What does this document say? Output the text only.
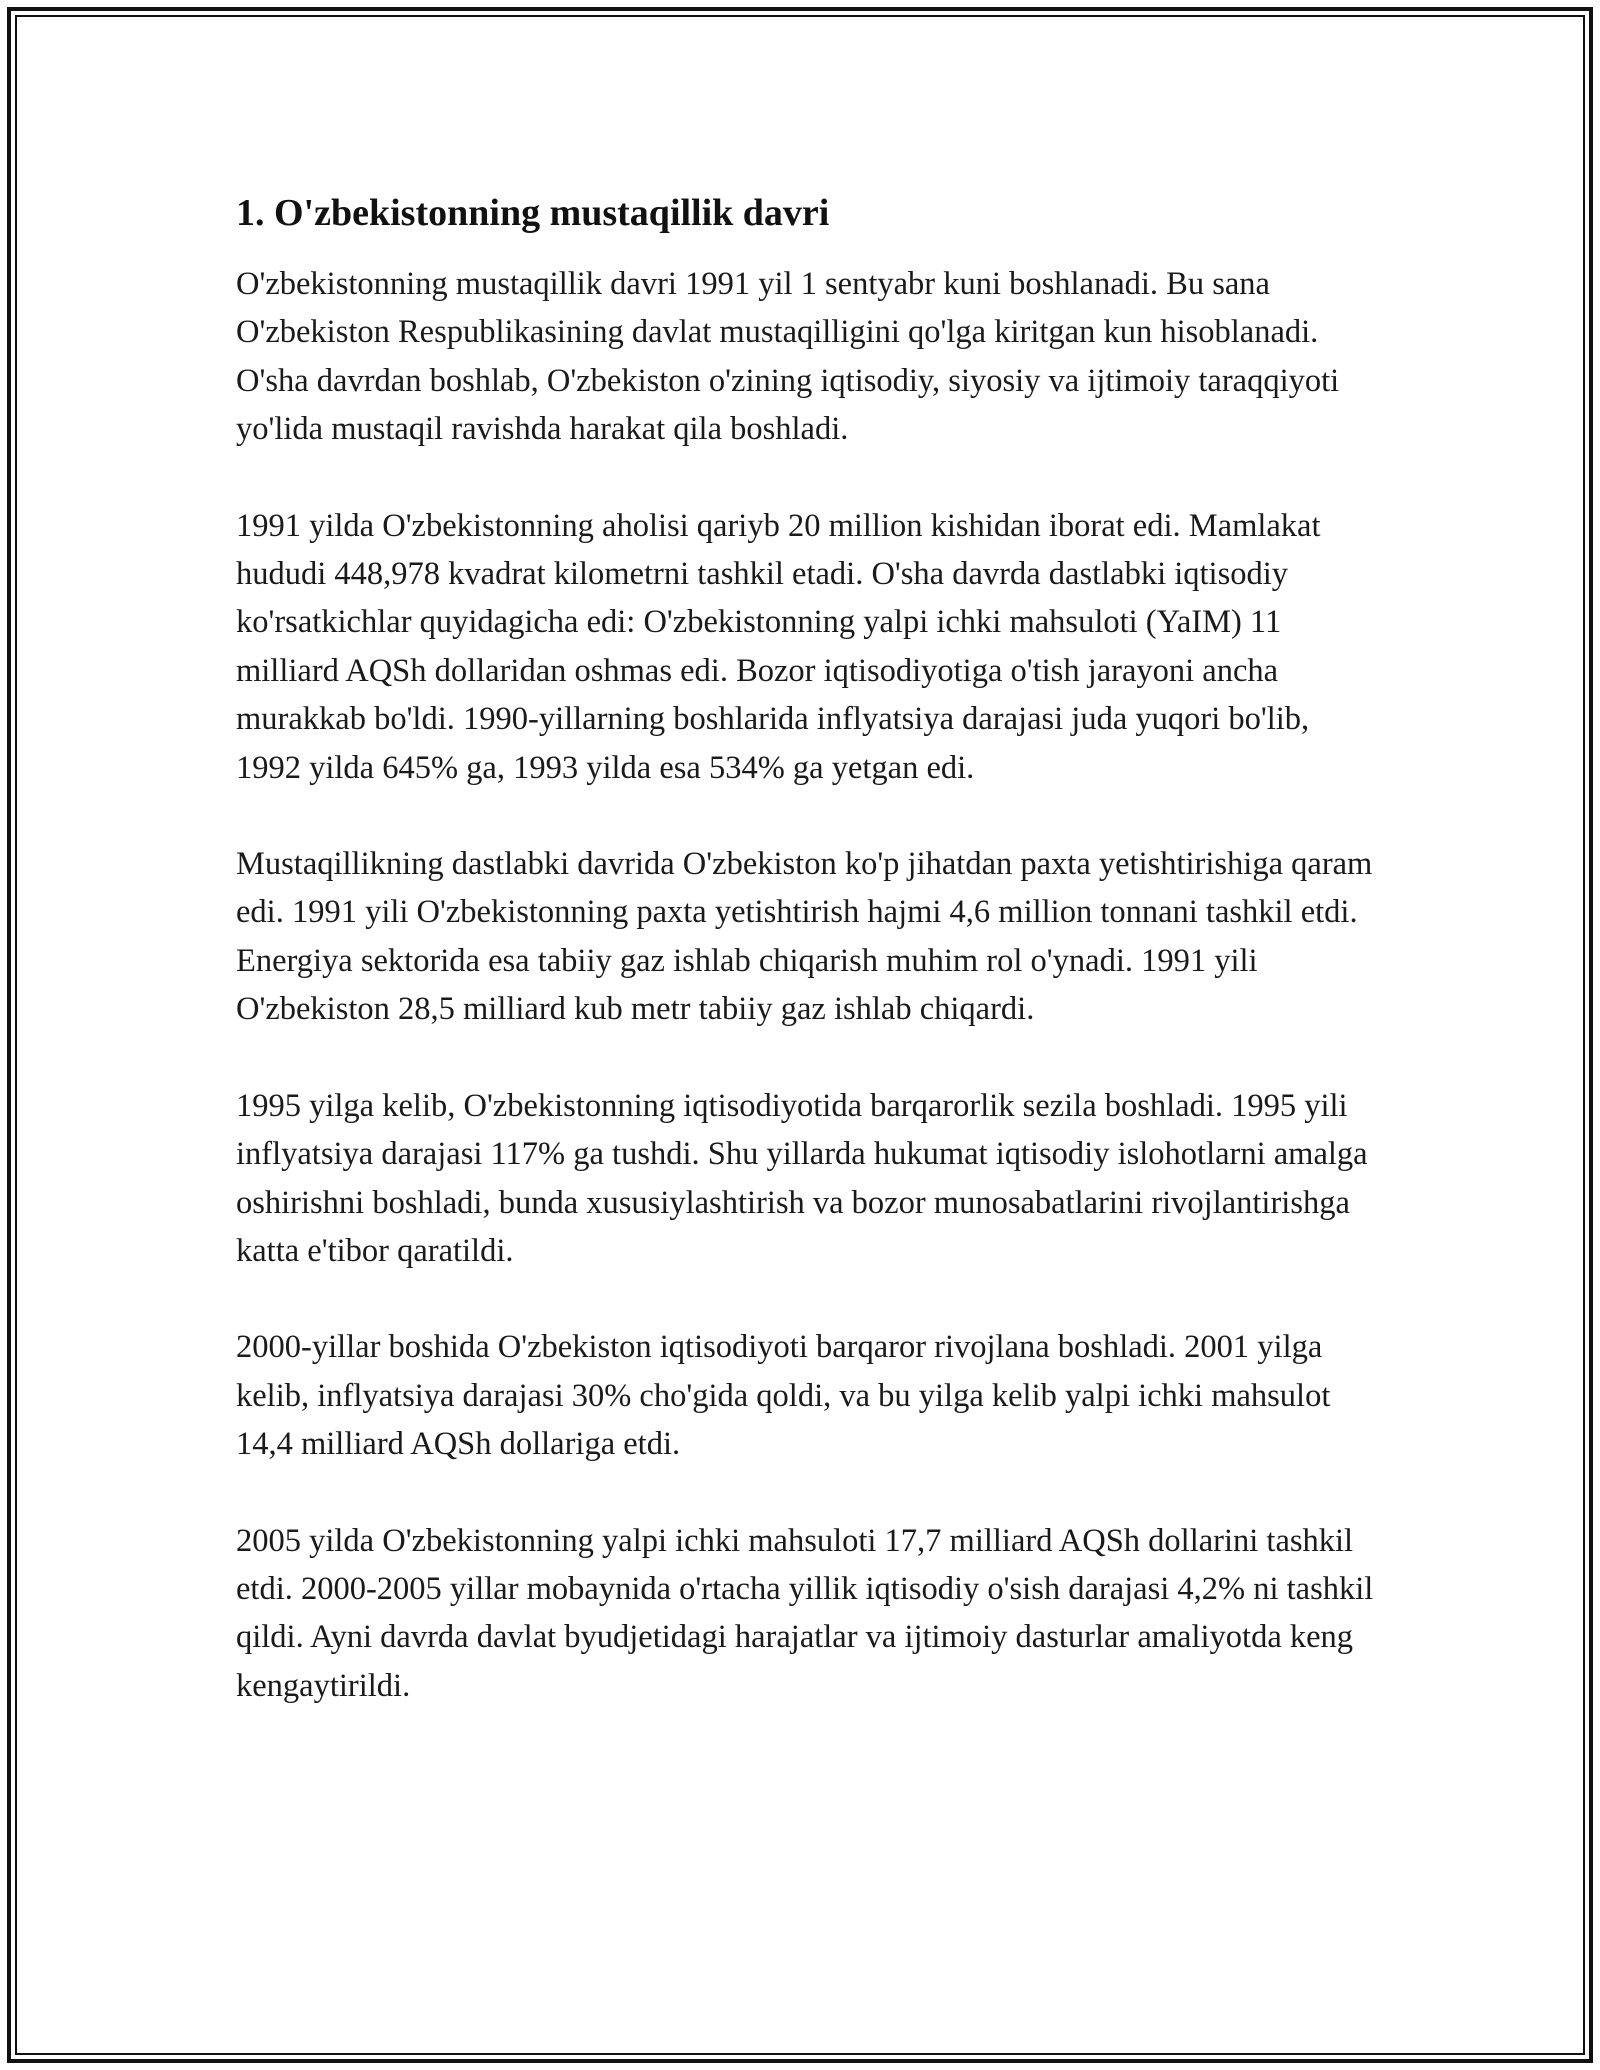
1. O'zbekistonning mustaqillik davri

O'zbekistonning mustaqillik davri 1991 yil 1 sentyabr kuni boshlanadi. Bu sana O'zbekiston Respublikasining davlat mustaqilligini qo'lga kiritgan kun hisoblanadi. O'sha davrdan boshlab, O'zbekiston o'zining iqtisodiy, siyosiy va ijtimoiy taraqqiyoti yo'lida mustaqil ravishda harakat qila boshladi.

1991 yilda O'zbekistonning aholisi qariyb 20 million kishidan iborat edi. Mamlakat hududi 448,978 kvadrat kilometrni tashkil etadi. O'sha davrda dastlabki iqtisodiy ko'rsatkichlar quyidagicha edi: O'zbekistonning yalpi ichki mahsuloti (YaIM) 11 milliard AQSh dollaridan oshmas edi. Bozor iqtisodiyotiga o'tish jarayoni ancha murakkab bo'ldi. 1990-yillarning boshlarida inflyatsiya darajasi juda yuqori bo'lib, 1992 yilda 645% ga, 1993 yilda esa 534% ga yetgan edi.

Mustaqillikning dastlabki davrida O'zbekiston ko'p jihatdan paxta yetishtirishiga qaram edi. 1991 yili O'zbekistonning paxta yetishtirish hajmi 4,6 million tonnani tashkil etdi. Energiya sektorida esa tabiiy gaz ishlab chiqarish muhim rol o'ynadi. 1991 yili O'zbekiston 28,5 milliard kub metr tabiiy gaz ishlab chiqardi.

1995 yilga kelib, O'zbekistonning iqtisodiyotida barqarorlik sezila boshladi. 1995 yili inflyatsiya darajasi 117% ga tushdi. Shu yillarda hukumat iqtisodiy islohotlarni amalga oshirishni boshladi, bunda xususiylashtirish va bozor munosabatlarini rivojlantirishga katta e'tibor qaratildi.

2000-yillar boshida O'zbekiston iqtisodiyoti barqaror rivojlana boshladi. 2001 yilga kelib, inflyatsiya darajasi 30% cho'gida qoldi, va bu yilga kelib yalpi ichki mahsulot 14,4 milliard AQSh dollariga etdi.

2005 yilda O'zbekistonning yalpi ichki mahsuloti 17,7 milliard AQSh dollarini tashkil etdi. 2000-2005 yillar mobaynida o'rtacha yillik iqtisodiy o'sish darajasi 4,2% ni tashkil qildi. Ayni davrda davlat byudjetidagi harajatlar va ijtimoiy dasturlar amaliyotda keng kengaytirildi.
